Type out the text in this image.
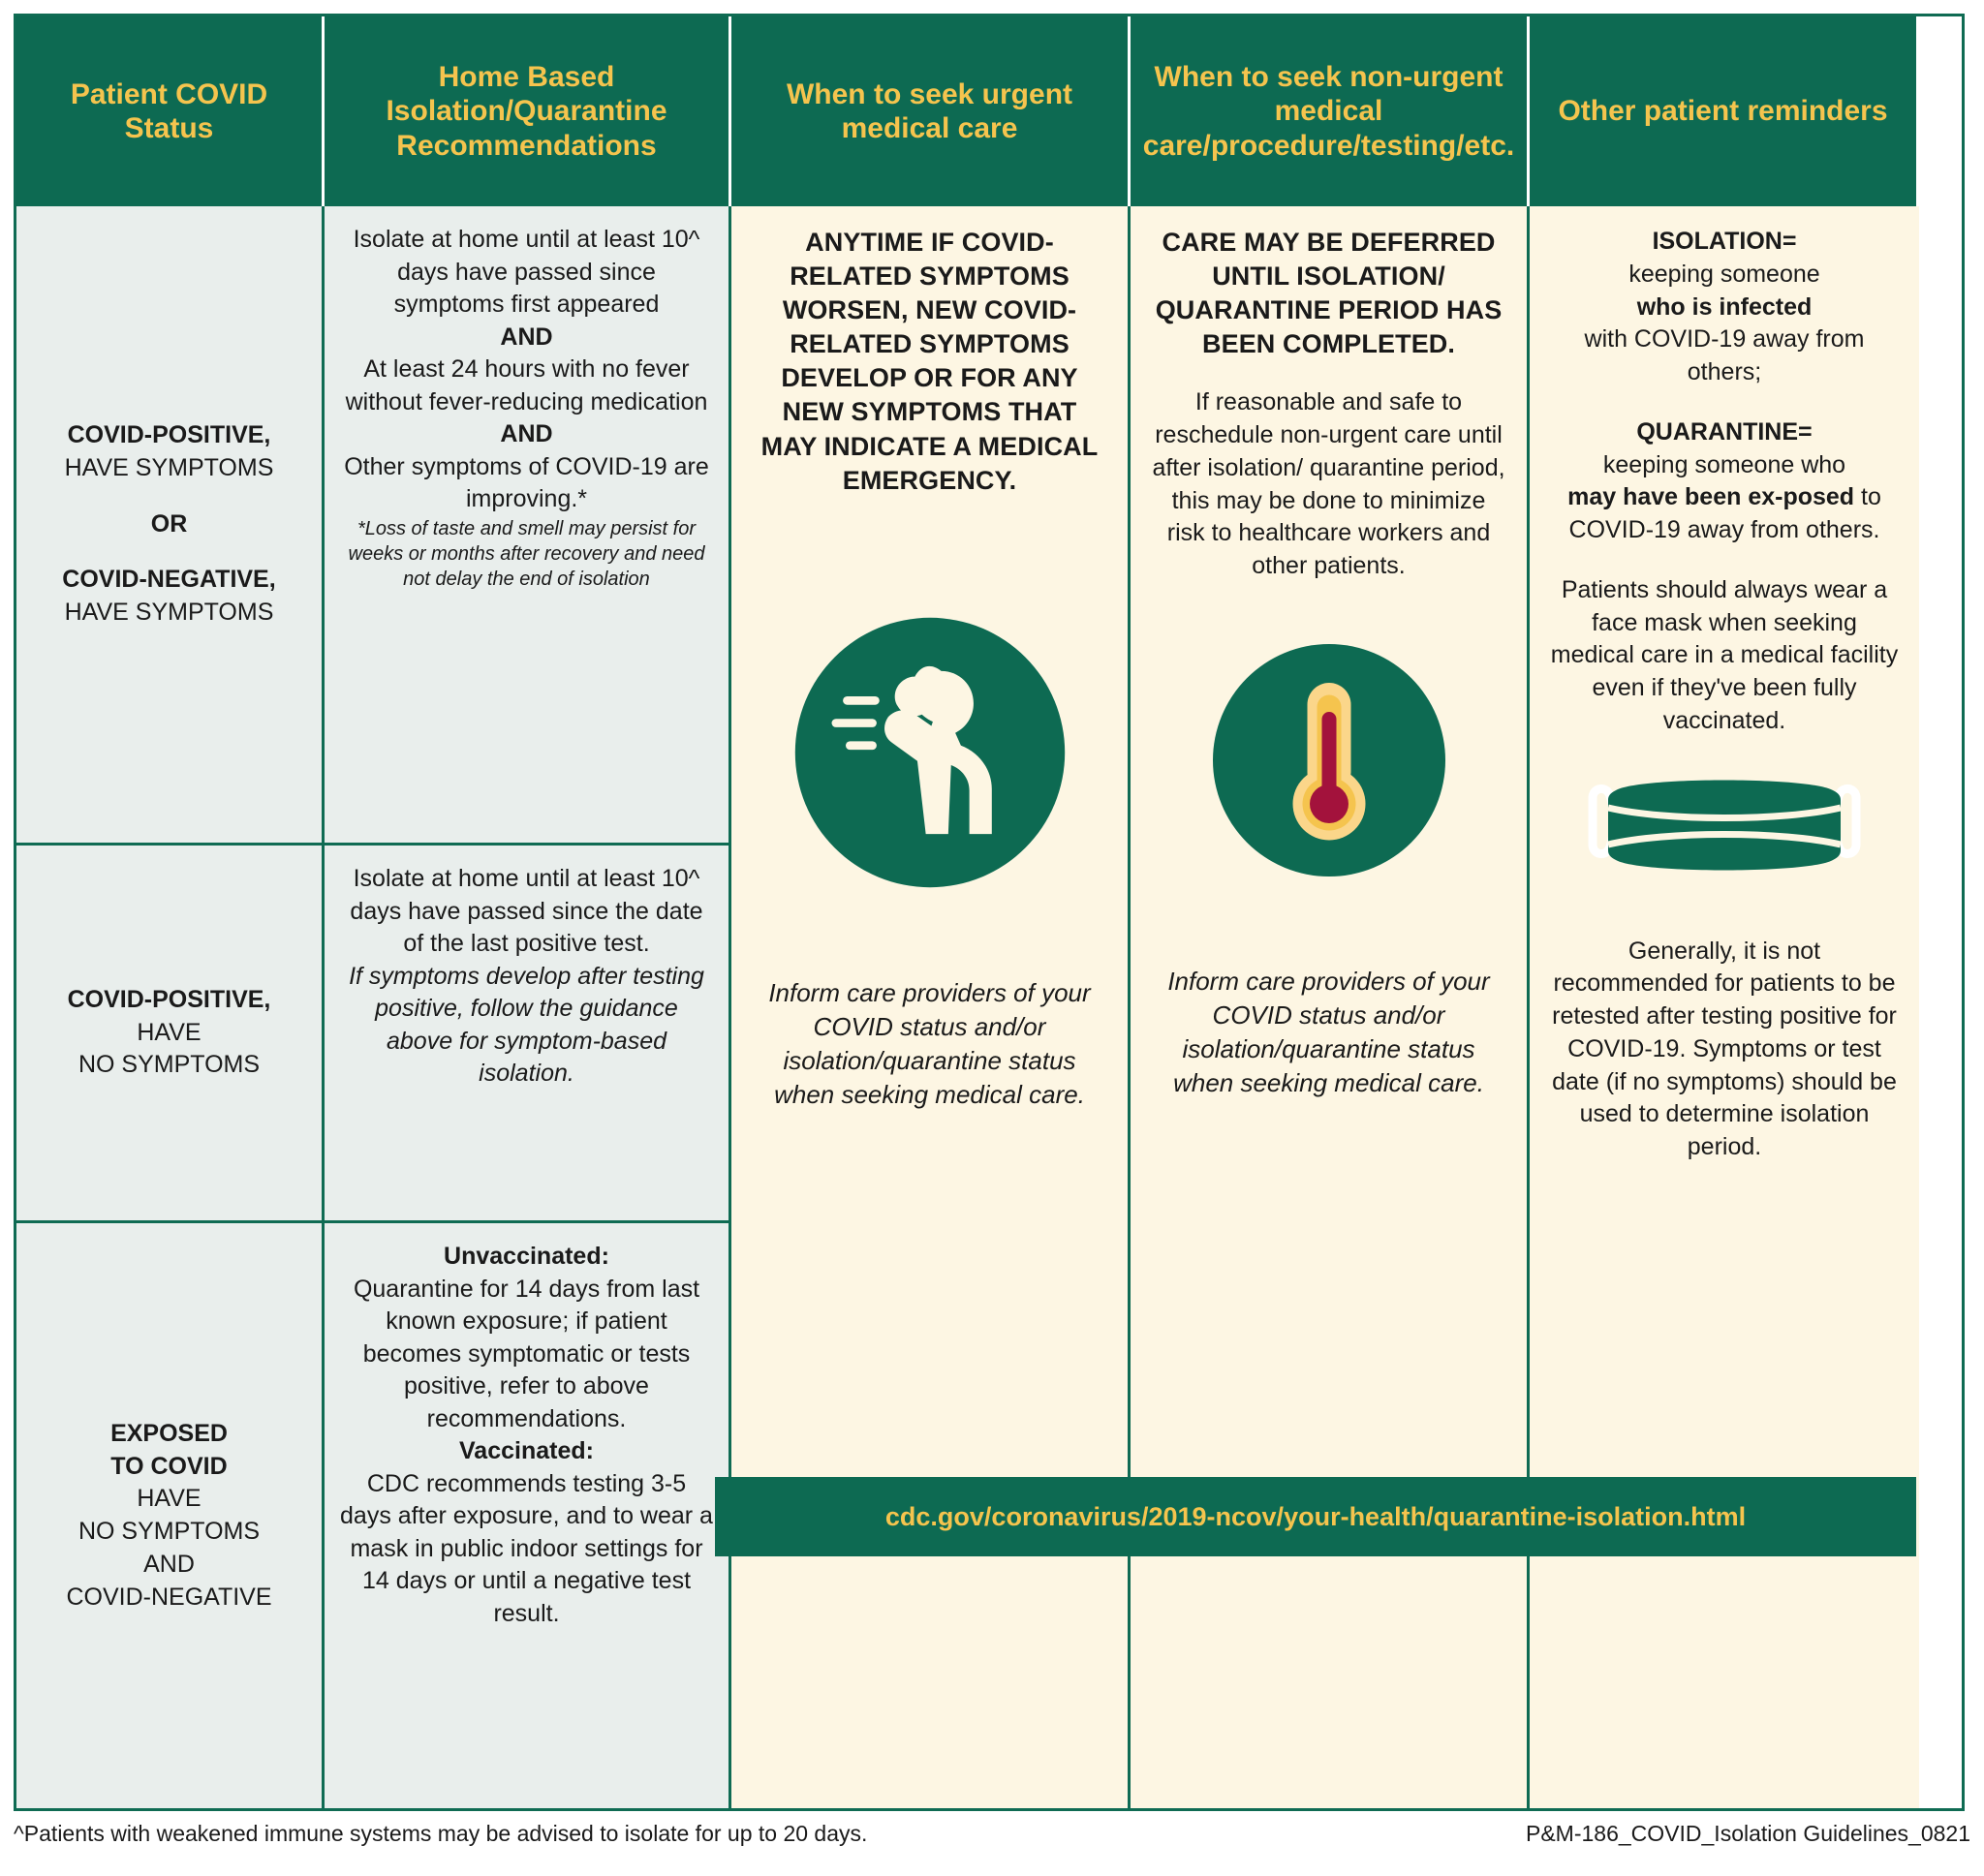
Patient COVID Status
Home Based Isolation/Quarantine Recommendations
When to seek urgent medical care
When to seek non-urgent medical care/procedure/testing/etc.
Other patient reminders
COVID-POSITIVE,
HAVE SYMPTOMS
OR
COVID-NEGATIVE,
HAVE SYMPTOMS
COVID-POSITIVE,
HAVE
NO SYMPTOMS
EXPOSED
TO COVID
HAVE
NO SYMPTOMS
AND
COVID-NEGATIVE
Isolate at home until at least 10^ days have passed since symptoms first appeared
AND
At least 24 hours with no fever without fever-reducing medication
AND
Other symptoms of COVID-19 are improving.*
*Loss of taste and smell may persist for weeks or months after recovery and need not delay the end of isolation
Isolate at home until at least 10^ days have passed since the date of the last positive test.
If symptoms develop after testing positive, follow the guidance above for symptom-based isolation.
Unvaccinated:
Quarantine for 14 days from last known exposure; if patient becomes symptomatic or tests positive, refer to above recommendations.
Vaccinated:
CDC recommends testing 3-5 days after exposure, and to wear a mask in public indoor settings for 14 days or until a negative test result.
ANYTIME IF COVID-RELATED SYMPTOMS WORSEN, NEW COVID-RELATED SYMPTOMS DEVELOP OR FOR ANY NEW SYMPTOMS THAT MAY INDICATE A MEDICAL EMERGENCY.
Inform care providers of your COVID status and/or isolation/quarantine status when seeking medical care.
CARE MAY BE DEFERRED UNTIL ISOLATION/ QUARANTINE PERIOD HAS BEEN COMPLETED.
If reasonable and safe to reschedule non-urgent care until after isolation/ quarantine period, this may be done to minimize risk to healthcare workers and other patients.
Inform care providers of your COVID status and/or isolation/quarantine status when seeking medical care.
ISOLATION=
keeping someone
who is infected
with COVID-19 away from others;
QUARANTINE=
keeping someone who
may have been ex-posed to COVID-19 away from others.
Patients should always wear a face mask when seeking medical care in a medical facility even if they've been fully vaccinated.
Generally, it is not recommended for patients to be retested after testing positive for COVID-19. Symptoms or test date (if no symptoms) should be used to determine isolation period.
cdc.gov/coronavirus/2019-ncov/your-health/quarantine-isolation.html
^Patients with weakened immune systems may be advised to isolate for up to 20 days.	P&M-186_COVID_Isolation Guidelines_0821
